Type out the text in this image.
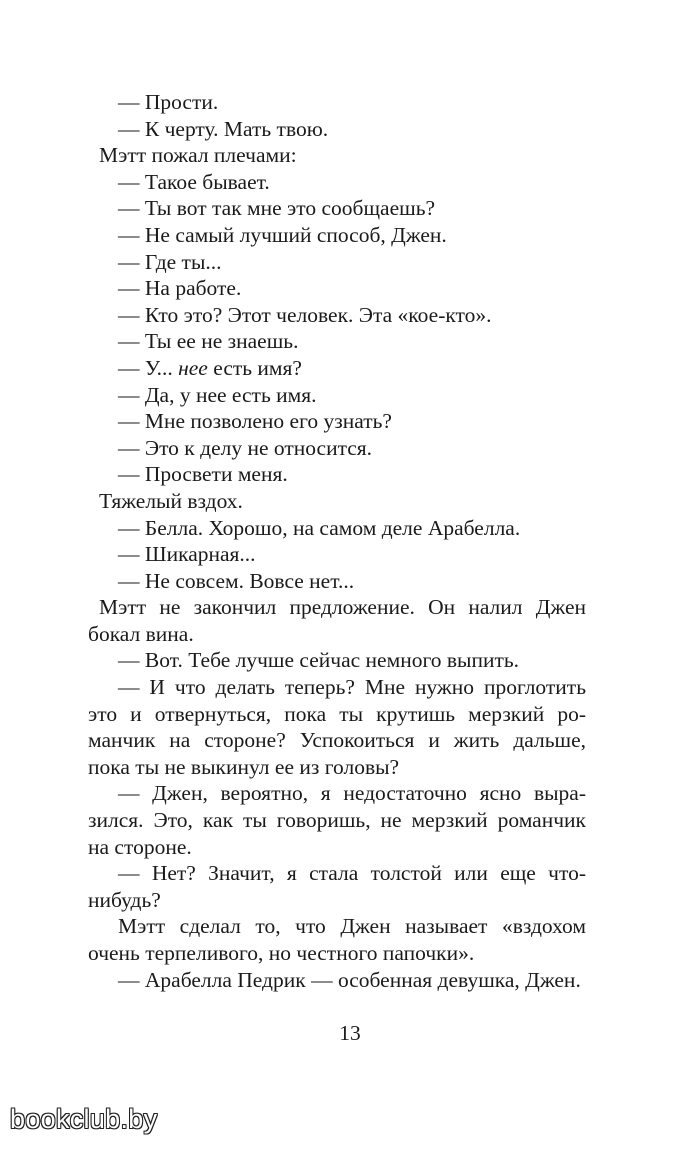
— Прости.
— К черту. Мать твою.
Мэтт пожал плечами:
— Такое бывает.
— Ты вот так мне это сообщаешь?
— Не самый лучший способ, Джен.
— Где ты...
— На работе.
— Кто это? Этот человек. Эта «кое-кто».
— Ты ее не знаешь.
— У... нее есть имя?
— Да, у нее есть имя.
— Мне позволено его узнать?
— Это к делу не относится.
— Просвети меня.
Тяжелый вздох.
— Белла. Хорошо, на самом деле Арабелла.
— Шикарная...
— Не совсем. Вовсе нет...
Мэтт не закончил предложение. Он налил Джен
бокал вина.
— Вот. Тебе лучше сейчас немного выпить.
— И что делать теперь? Мне нужно проглотить
это и отвернуться, пока ты крутишь мерзкий ро-
манчик на стороне? Успокоиться и жить дальше,
пока ты не выкинул ее из головы?
— Джен, вероятно, я недостаточно ясно выра-
зился. Это, как ты говоришь, не мерзкий романчик
на стороне.
— Нет? Значит, я стала толстой или еще что-
нибудь?
Мэтт сделал то, что Джен называет «вздохом
очень терпеливого, но честного папочки».
— Арабелла Педрик — особенная девушка, Джен.
13
bookclub.by
